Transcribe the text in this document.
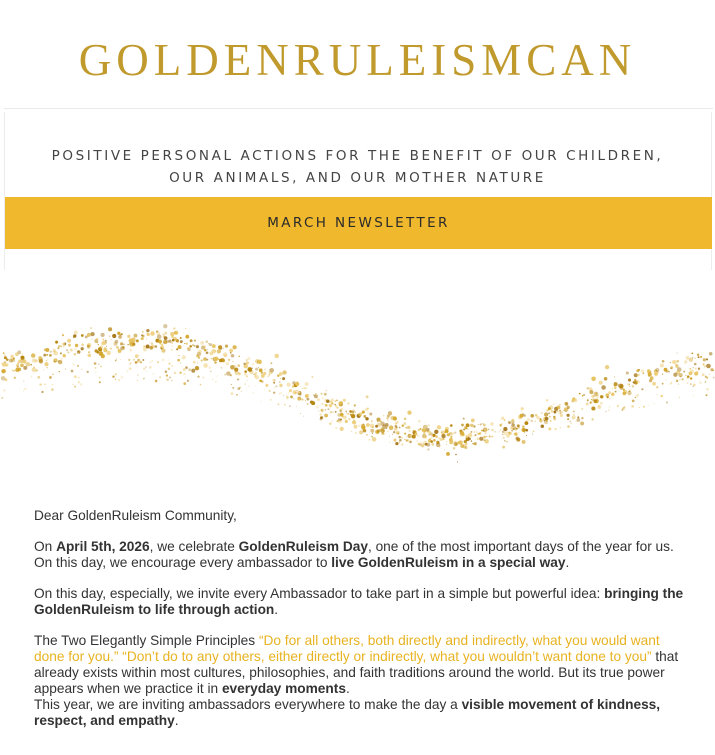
GOLDENRULEISMCAN
POSITIVE PERSONAL ACTIONS FOR THE BENEFIT OF OUR CHILDREN,
OUR ANIMALS, AND OUR MOTHER NATURE
MARCH NEWSLETTER

Dear GoldenRuleism Community,

On April 5th, 2026, we celebrate GoldenRuleism Day, one of the most important days of the year for us. On this day, we encourage every ambassador to live GoldenRuleism in a special way.

On this day, especially, we invite every Ambassador to take part in a simple but powerful idea: bringing the GoldenRuleism to life through action.

The Two Elegantly Simple Principles “Do for all others, both directly and indirectly, what you would want done for you.” “Don’t do to any others, either directly or indirectly, what you wouldn’t want done to you” that already exists within most cultures, philosophies, and faith traditions around the world. But its true power appears when we practice it in everyday moments.
This year, we are inviting ambassadors everywhere to make the day a visible movement of kindness, respect, and empathy.
